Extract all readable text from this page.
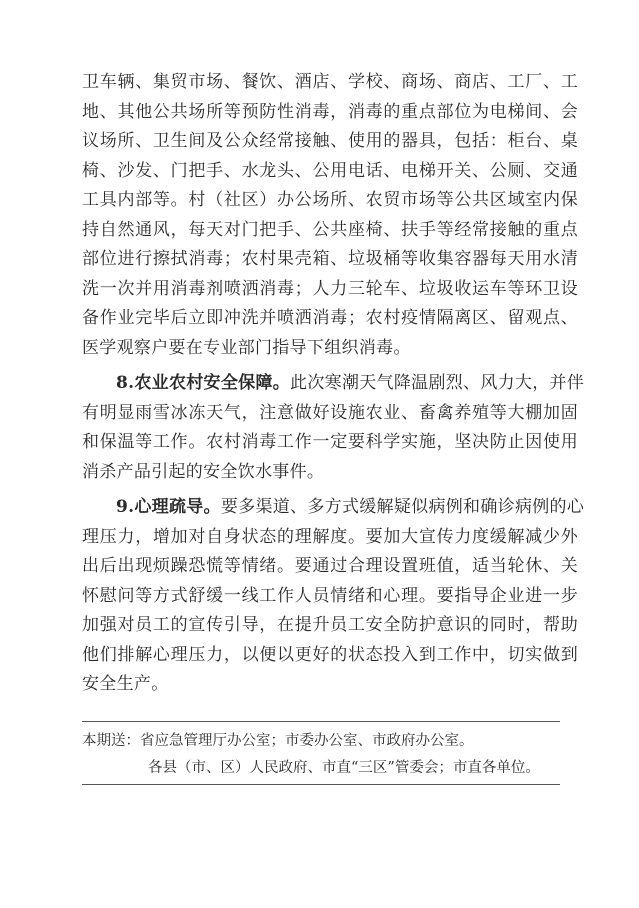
卫车辆、集贸市场、餐饮、酒店、学校、商场、商店、工厂、工
地、其他公共场所等预防性消毒，消毒的重点部位为电梯间、会
议场所、卫生间及公众经常接触、使用的器具，包括：柜台、桌
椅、沙发、门把手、水龙头、公用电话、电梯开关、公厕、交通
工具内部等。村（社区）办公场所、农贸市场等公共区域室内保
持自然通风，每天对门把手、公共座椅、扶手等经常接触的重点
部位进行擦拭消毒；农村果壳箱、垃圾桶等收集容器每天用水清
洗一次并用消毒剂喷洒消毒；人力三轮车、垃圾收运车等环卫设
备作业完毕后立即冲洗并喷洒消毒；农村疫情隔离区、留观点、
医学观察户要在专业部门指导下组织消毒。
8.农业农村安全保障。此次寒潮天气降温剧烈、风力大，并伴
有明显雨雪冰冻天气，注意做好设施农业、畜禽养殖等大棚加固
和保温等工作。农村消毒工作一定要科学实施，坚决防止因使用
消杀产品引起的安全饮水事件。
9.心理疏导。要多渠道、多方式缓解疑似病例和确诊病例的心
理压力，增加对自身状态的理解度。要加大宣传力度缓解减少外
出后出现烦躁恐慌等情绪。要通过合理设置班值，适当轮休、关
怀慰问等方式舒缓一线工作人员情绪和心理。要指导企业进一步
加强对员工的宣传引导，在提升员工安全防护意识的同时，帮助
他们排解心理压力，以便以更好的状态投入到工作中，切实做到
安全生产。
本期送：省应急管理厅办公室；市委办公室、市政府办公室。
各县（市、区）人民政府、市直“三区”管委会；市直各单位。
